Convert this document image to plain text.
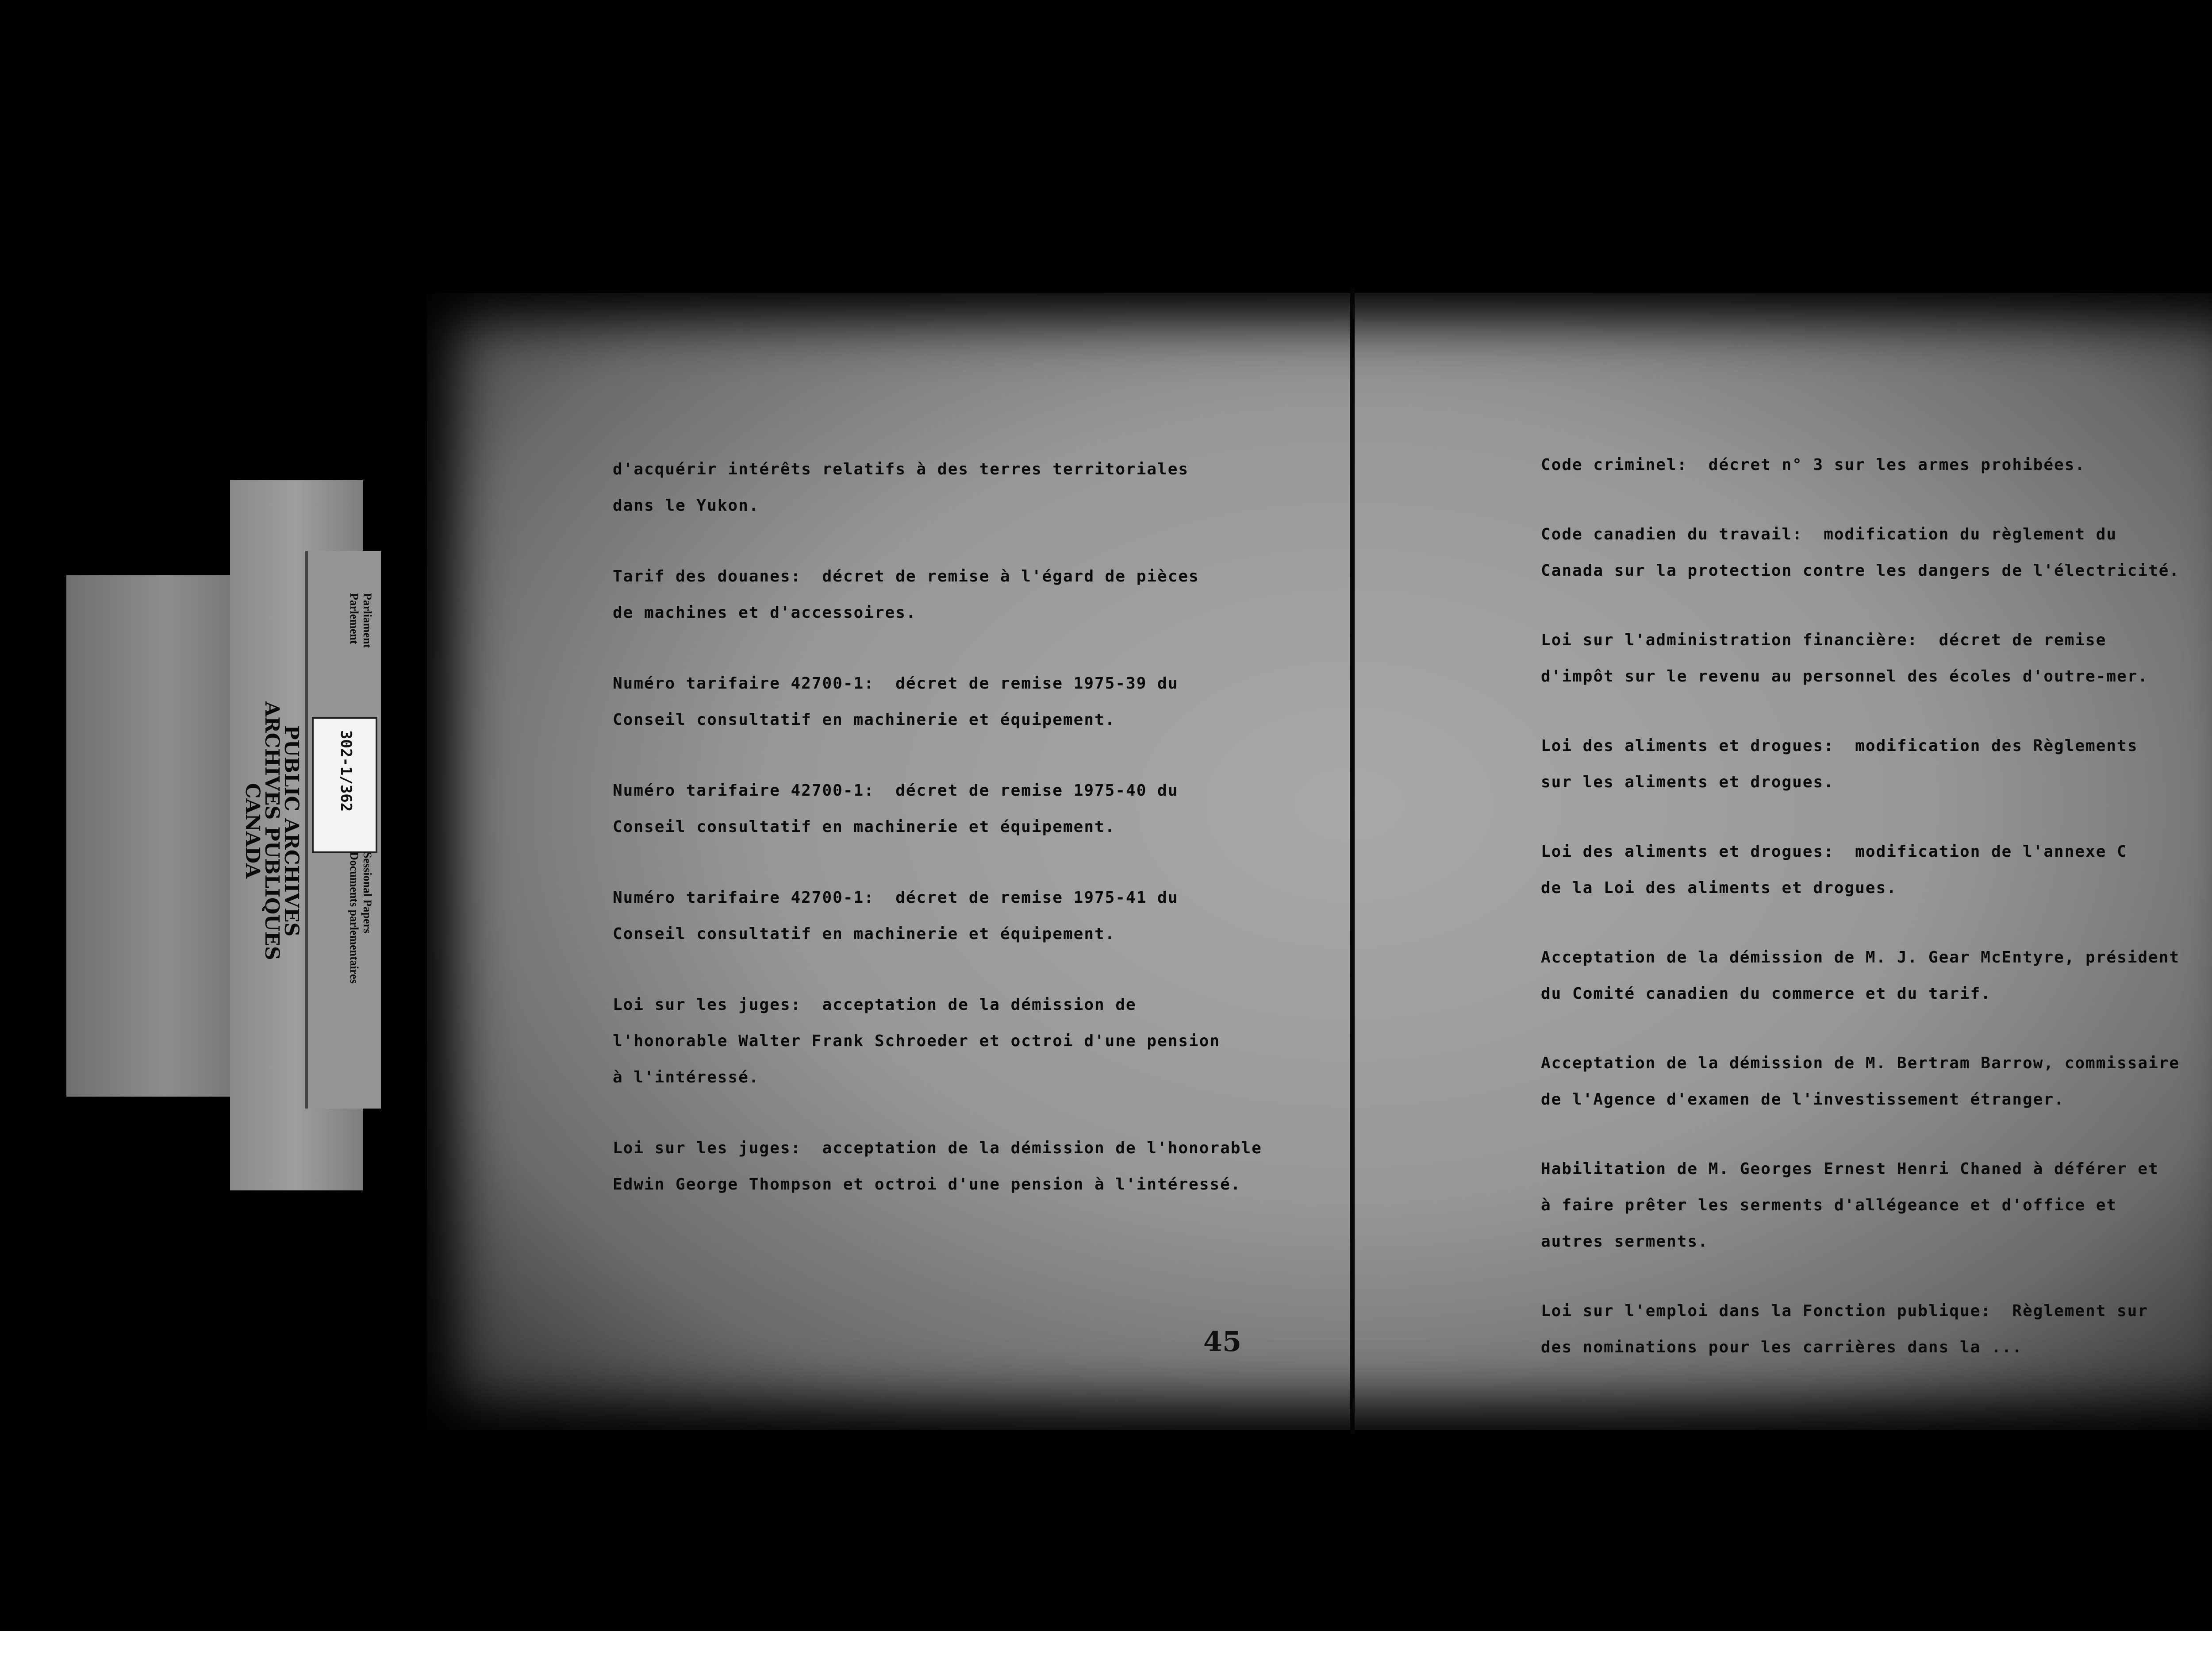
PUBLIC ARCHIVES
ARCHIVES PUBLIQUES
CANADA
Parliament
Parlement
302-1/362
Sessional Papers
Documents parlementaires
d'acquérir intérêts relatifs à des terres territoriales
dans le Yukon.
Tarif des douanes:  décret de remise à l'égard de pièces
de machines et d'accessoires.
Numéro tarifaire 42700-1:  décret de remise 1975-39 du
Conseil consultatif en machinerie et équipement.
Numéro tarifaire 42700-1:  décret de remise 1975-40 du
Conseil consultatif en machinerie et équipement.
Numéro tarifaire 42700-1:  décret de remise 1975-41 du
Conseil consultatif en machinerie et équipement.
Loi sur les juges:  acceptation de la démission de
l'honorable Walter Frank Schroeder et octroi d'une pension
à l'intéressé.
Loi sur les juges:  acceptation de la démission de l'honorable
Edwin George Thompson et octroi d'une pension à l'intéressé.
45
Code criminel:  décret n° 3 sur les armes prohibées.
Code canadien du travail:  modification du règlement du
Canada sur la protection contre les dangers de l'électricité.
Loi sur l'administration financière:  décret de remise
d'impôt sur le revenu au personnel des écoles d'outre-mer.
Loi des aliments et drogues:  modification des Règlements
sur les aliments et drogues.
Loi des aliments et drogues:  modification de l'annexe C
de la Loi des aliments et drogues.
Acceptation de la démission de M. J. Gear McEntyre, président
du Comité canadien du commerce et du tarif.
Acceptation de la démission de M. Bertram Barrow, commissaire
de l'Agence d'examen de l'investissement étranger.
Habilitation de M. Georges Ernest Henri Chaned à déférer et
à faire prêter les serments d'allégeance et d'office et
autres serments.
Loi sur l'emploi dans la Fonction publique:  Règlement sur
des nominations pour les carrières dans la ...
